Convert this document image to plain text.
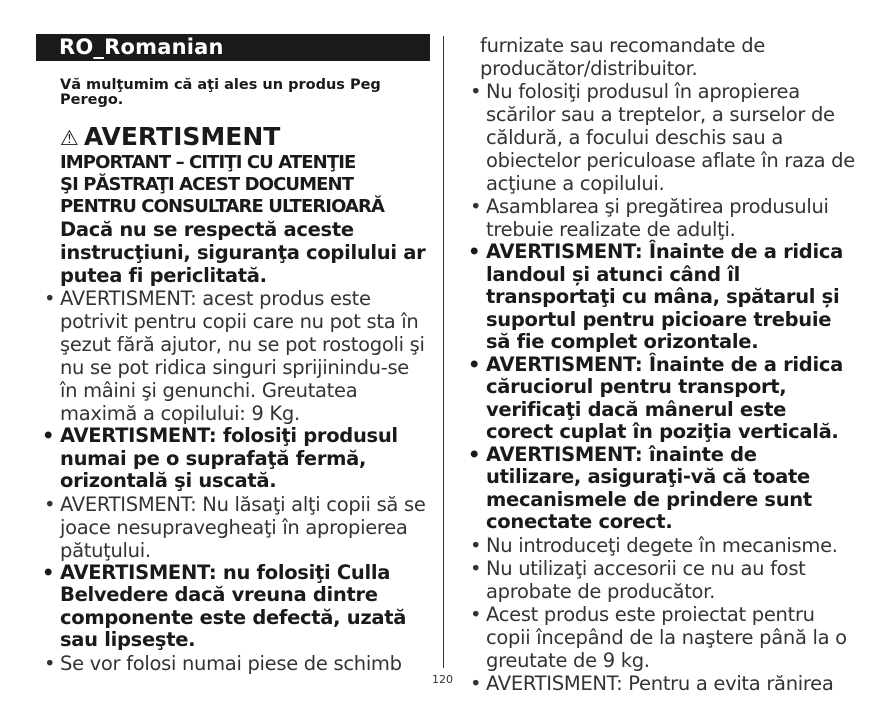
RO_Romanian
Vă mulţumim că aţi ales un produs Peg Perego.
⚠ AVERTISMENT
IMPORTANT – CITIŢI CU ATENŢIE
ŞI PĂSTRAŢI ACEST DOCUMENT
PENTRU CONSULTARE ULTERIOARĂ
Dacă nu se respectă aceste instrucţiuni, siguranţa copilului ar putea fi periclitată.
• AVERTISMENT: acest produs este potrivit pentru copii care nu pot sta în şezut fără ajutor, nu se pot rostogoli şi nu se pot ridica singuri sprijinindu-se în mâini şi genunchi. Greutatea maximă a copilului: 9 Kg.
• AVERTISMENT: folosiţi produsul numai pe o suprafaţă fermă, orizontală şi uscată.
• AVERTISMENT: Nu lăsaţi alţi copii să se joace nesupravegheaţi în apropierea pătuţului.
• AVERTISMENT: nu folosiţi Culla Belvedere dacă vreuna dintre componente este defectă, uzată sau lipseşte.
• Se vor folosi numai piese de schimb
furnizate sau recomandate de producător/distribuitor.
• Nu folosiţi produsul în apropierea scărilor sau a treptelor, a surselor de căldură, a focului deschis sau a obiectelor periculoase aflate în raza de acţiune a copilului.
• Asamblarea şi pregătirea produsului trebuie realizate de adulţi.
• AVERTISMENT: Înainte de a ridica landoul și atunci când îl transportaţi cu mâna, spătarul și suportul pentru picioare trebuie să fie complet orizontale.
• AVERTISMENT: Înainte de a ridica căruciorul pentru transport, verificaţi dacă mânerul este corect cuplat în poziţia verticală.
• AVERTISMENT: înainte de utilizare, asiguraţi-vă că toate mecanismele de prindere sunt conectate corect.
• Nu introduceţi degete în mecanisme.
• Nu utilizaţi accesorii ce nu au fost aprobate de producător.
• Acest produs este proiectat pentru copii începând de la naştere până la o greutate de 9 kg.
• AVERTISMENT: Pentru a evita rănirea
120
